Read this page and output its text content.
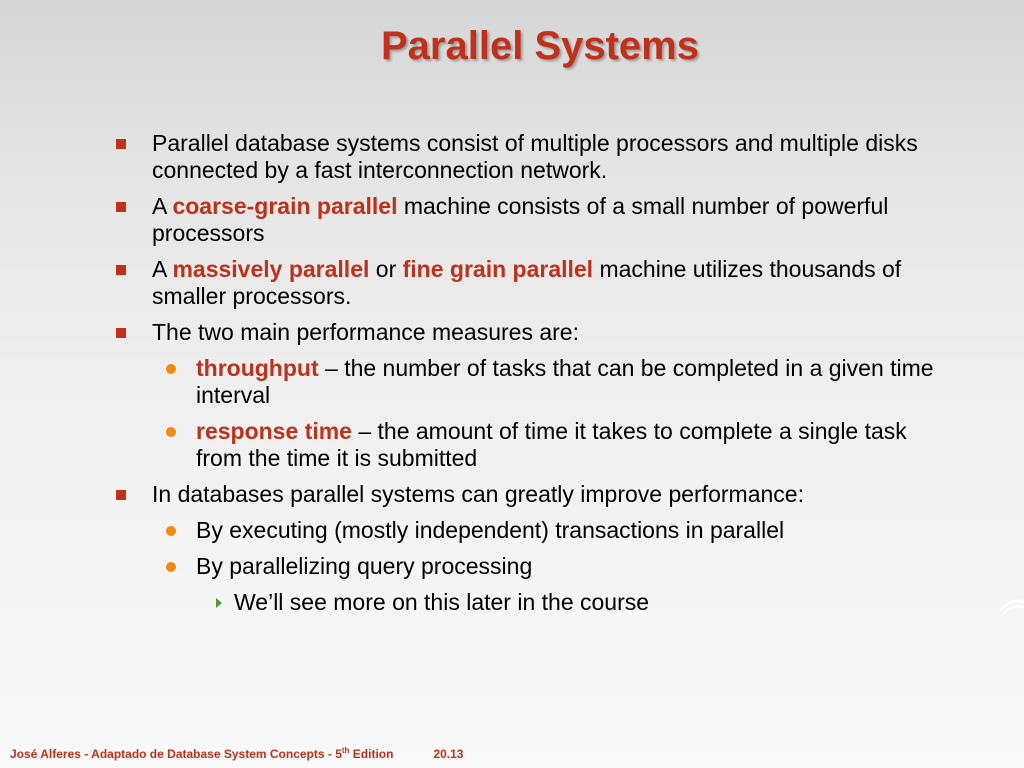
Parallel Systems
Parallel database systems consist of multiple processors and multiple disks connected by a fast interconnection network.
A coarse-grain parallel machine consists of a small number of powerful processors
A massively parallel or fine grain parallel machine utilizes thousands of smaller processors.
The two main performance measures are:
throughput – the number of tasks that can be completed in a given time interval
response time – the amount of time it takes to complete a single task from the time it is submitted
In databases parallel systems can greatly improve performance:
By executing (mostly independent) transactions in parallel
By parallelizing query processing
We’ll see more on this later in the course
José Alferes - Adaptado de Database System Concepts - 5th Edition	20.13
